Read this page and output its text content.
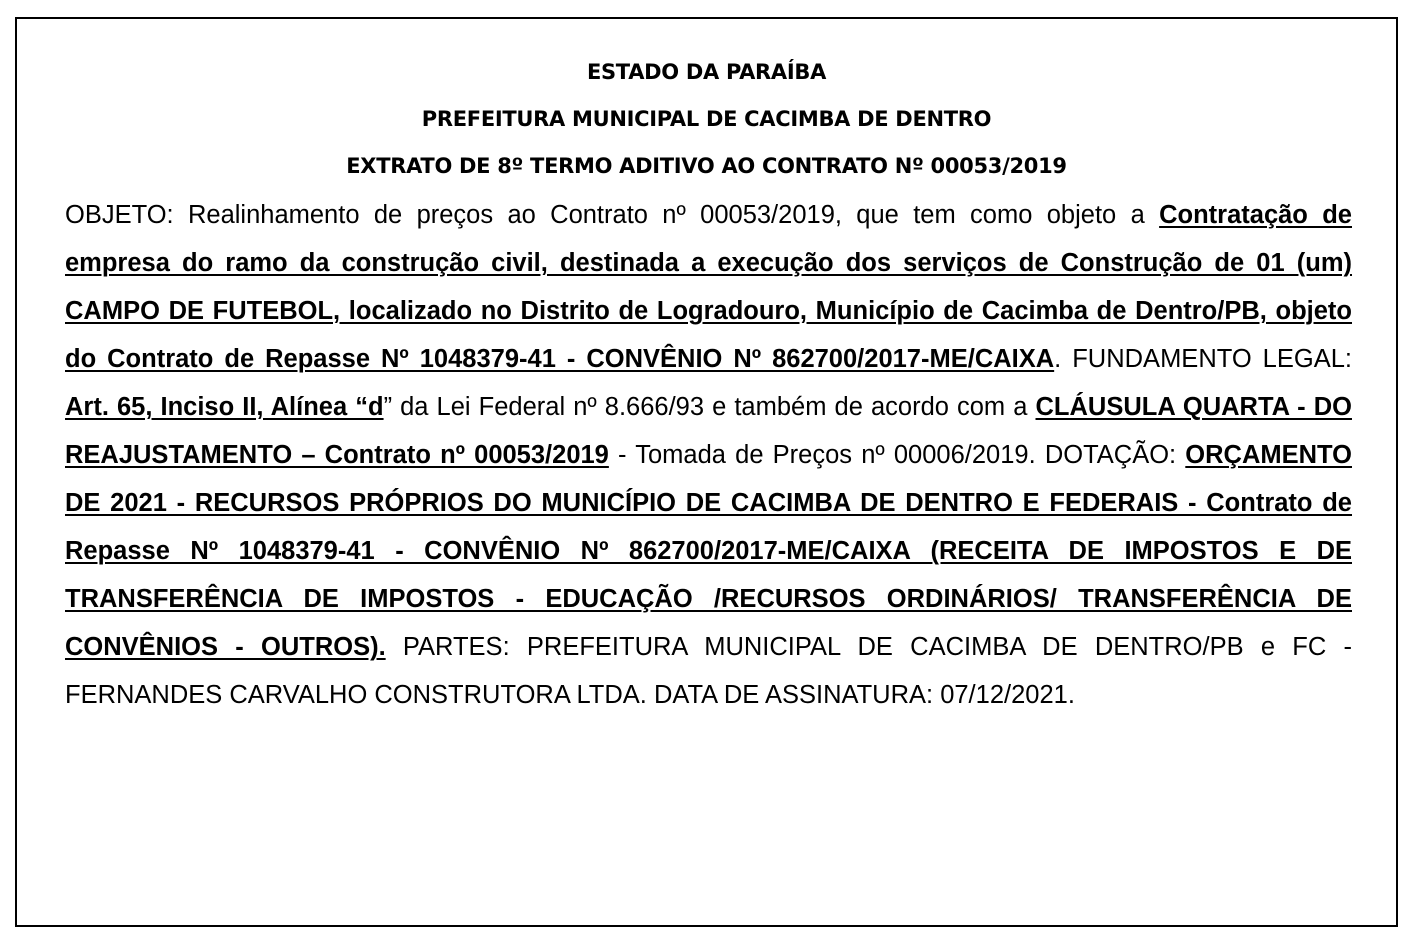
ESTADO DA PARAÍBA
PREFEITURA MUNICIPAL DE CACIMBA DE DENTRO
EXTRATO DE 8º TERMO ADITIVO AO CONTRATO Nº 00053/2019
OBJETO: Realinhamento de preços ao Contrato nº 00053/2019, que tem como objeto a Contratação de empresa do ramo da construção civil, destinada a execução dos serviços de Construção de 01 (um) CAMPO DE FUTEBOL, localizado no Distrito de Logradouro, Município de Cacimba de Dentro/PB, objeto do Contrato de Repasse Nº 1048379-41 - CONVÊNIO Nº 862700/2017-ME/CAIXA. FUNDAMENTO LEGAL: Art. 65, Inciso II, Alínea “d” da Lei Federal nº 8.666/93 e também de acordo com a CLÁUSULA QUARTA - DO REAJUSTAMENTO – Contrato nº 00053/2019 - Tomada de Preços nº 00006/2019. DOTAÇÃO: ORÇAMENTO DE 2021 - RECURSOS PRÓPRIOS DO MUNICÍPIO DE CACIMBA DE DENTRO E FEDERAIS - Contrato de Repasse Nº 1048379-41 - CONVÊNIO Nº 862700/2017-ME/CAIXA (RECEITA DE IMPOSTOS E DE TRANSFERÊNCIA DE IMPOSTOS - EDUCAÇÃO /RECURSOS ORDINÁRIOS/ TRANSFERÊNCIA DE CONVÊNIOS - OUTROS). PARTES: PREFEITURA MUNICIPAL DE CACIMBA DE DENTRO/PB e FC - FERNANDES CARVALHO CONSTRUTORA LTDA. DATA DE ASSINATURA: 07/12/2021.
